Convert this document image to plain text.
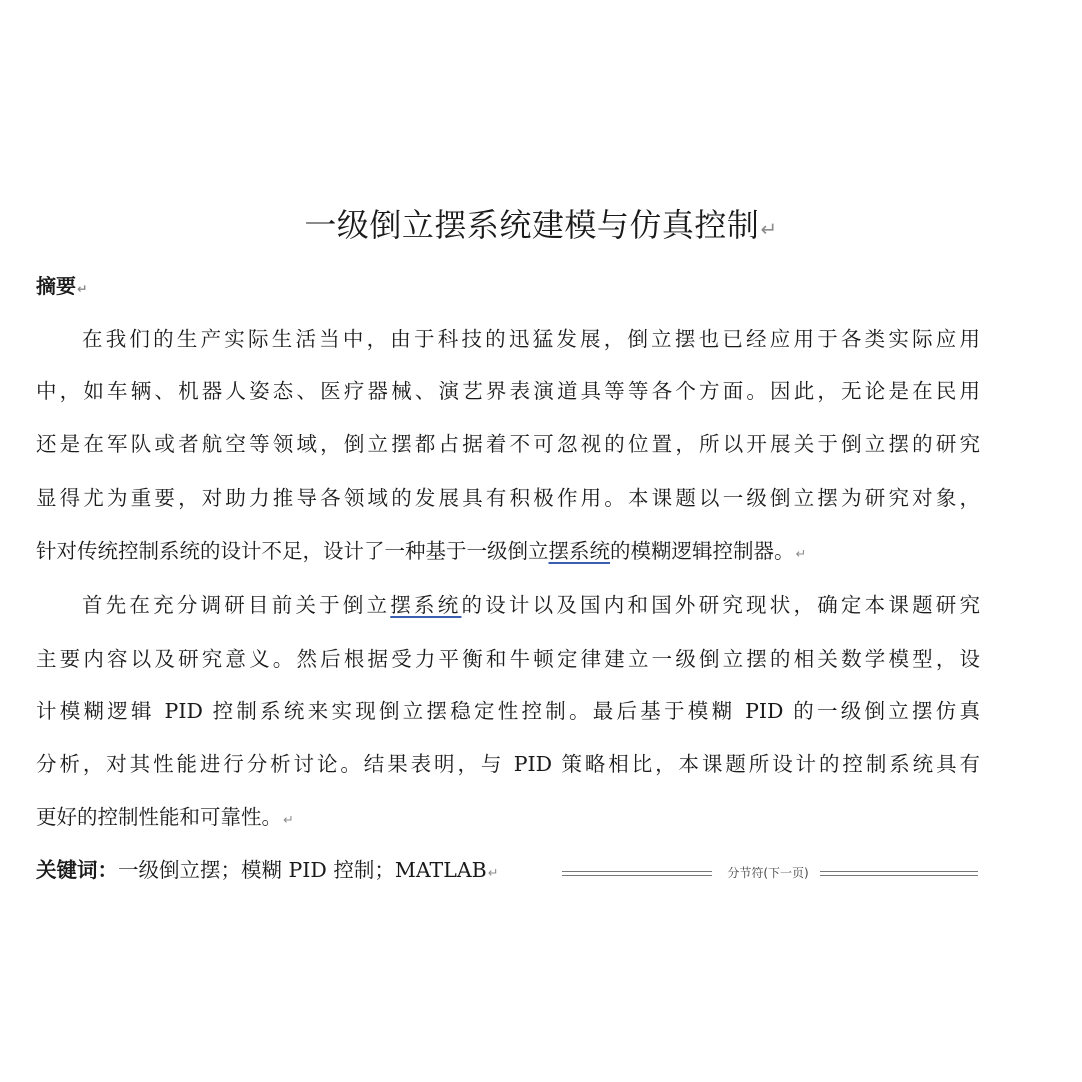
一级倒立摆系统建模与仿真控制↵
摘要↵
在我们的生产实际生活当中，由于科技的迅猛发展，倒立摆也已经应用于各类实际应用
中，如车辆、机器人姿态、医疗器械、演艺界表演道具等等各个方面。因此，无论是在民用
还是在军队或者航空等领域，倒立摆都占据着不可忽视的位置，所以开展关于倒立摆的研究
显得尤为重要，对助力推导各领域的发展具有积极作用。本课题以一级倒立摆为研究对象，
针对传统控制系统的设计不足，设计了一种基于一级倒立摆系统的模糊逻辑控制器。↵
首先在充分调研目前关于倒立摆系统的设计以及国内和国外研究现状，确定本课题研究
主要内容以及研究意义。然后根据受力平衡和牛顿定律建立一级倒立摆的相关数学模型，设
计模糊逻辑 PID 控制系统来实现倒立摆稳定性控制。最后基于模糊 PID 的一级倒立摆仿真
分析，对其性能进行分析讨论。结果表明，与 PID 策略相比，本课题所设计的控制系统具有
更好的控制性能和可靠性。↵
关键词：一级倒立摆；模糊 PID 控制；MATLAB↵	分节符(下一页)
